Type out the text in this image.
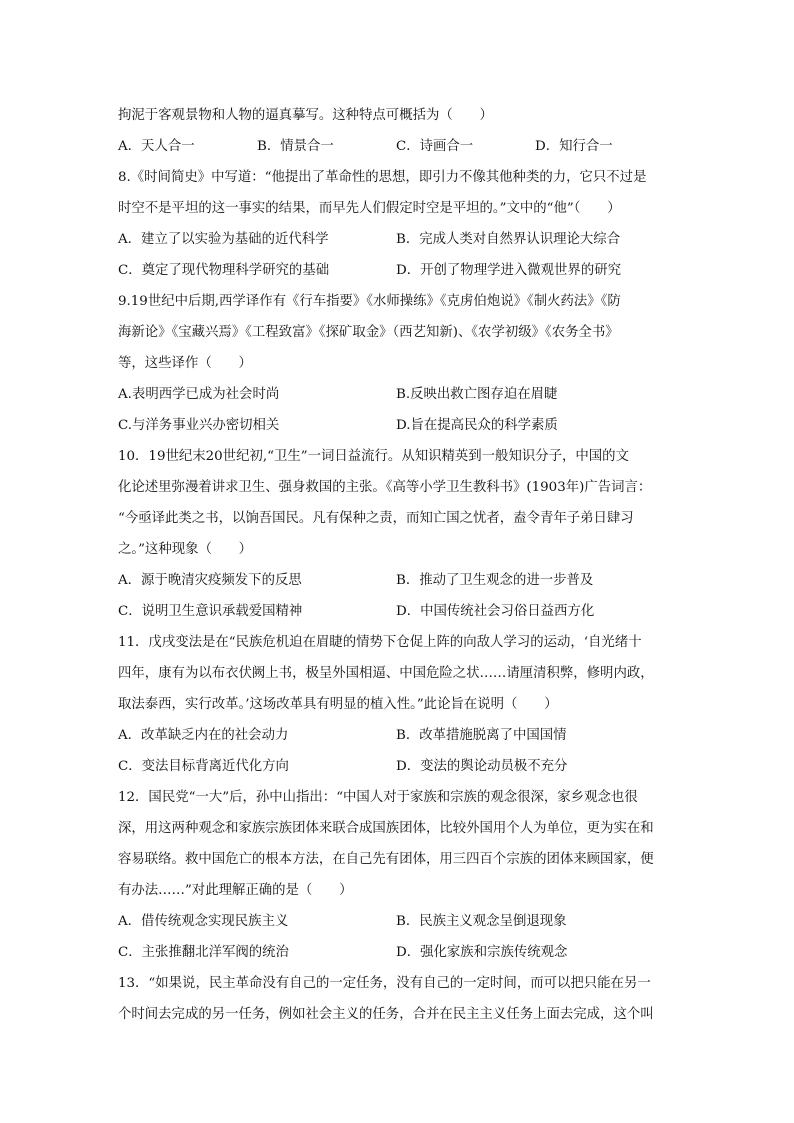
拘泥于客观景物和人物的逼真摹写。这种特点可概括为（　　）
A．天人合一	B．情景合一	C．诗画合一	D．知行合一
8.《时间简史》中写道：“他提出了革命性的思想，即引力不像其他种类的力，它只不过是
时空不是平坦的这一事实的结果，而早先人们假定时空是平坦的。”文中的“他”（　　）
A．建立了以实验为基础的近代科学	B．完成人类对自然界认识理论大综合
C．奠定了现代物理科学研究的基础	D．开创了物理学进入微观世界的研究
9.19世纪中后期,西学译作有《行车指要》《水师操练》《克虏伯炮说》《制火药法》《防
海新论》《宝藏兴焉》《工程致富》《探矿取金》（西艺知新)、《农学初级》《农务全书》
等，这些译作（　　）
A.表明西学已成为社会时尚	B.反映出救亡图存迫在眉睫
C.与洋务事业兴办密切相关	D.旨在提高民众的科学素质
10．19世纪末20世纪初,“卫生”一词日益流行。从知识精英到一般知识分子，中国的文
化论述里弥漫着讲求卫生、强身救国的主张。《高等小学卫生教科书》(1903年)广告词言：
“今亟译此类之书，以饷吾国民。凡有保种之责，而知亡国之忧者，盍令青年子弟日肆习
之。”这种现象（　　）
A．源于晚清灾疫频发下的反思	B．推动了卫生观念的进一步普及
C．说明卫生意识承载爱国精神	D．中国传统社会习俗日益西方化
11．戊戌变法是在“民族危机迫在眉睫的情势下仓促上阵的向敌人学习的运动，‘自光绪十
四年，康有为以布衣伏阙上书，极呈外国相逼、中国危险之状……请厘清积弊，修明内政，
取法泰西，实行改革。’这场改革具有明显的植入性。”此论旨在说明（　　）
A．改革缺乏内在的社会动力	B．改革措施脱离了中国国情
C．变法目标背离近代化方向	D．变法的舆论动员极不充分
12．国民党“一大”后，孙中山指出：“中国人对于家族和宗族的观念很深，家乡观念也很
深，用这两种观念和家族宗族团体来联合成国族团体，比较外国用个人为单位，更为实在和
容易联络。救中国危亡的根本方法，在自己先有团体，用三四百个宗族的团体来顾国家，便
有办法……”对此理解正确的是（　　）
A．借传统观念实现民族主义	B．民族主义观念呈倒退现象
C．主张推翻北洋军阀的统治	D．强化家族和宗族传统观念
13．“如果说，民主革命没有自己的一定任务，没有自己的一定时间，而可以把只能在另一
个时间去完成的另一任务，例如社会主义的任务，合并在民主主义任务上面去完成，这个叫
